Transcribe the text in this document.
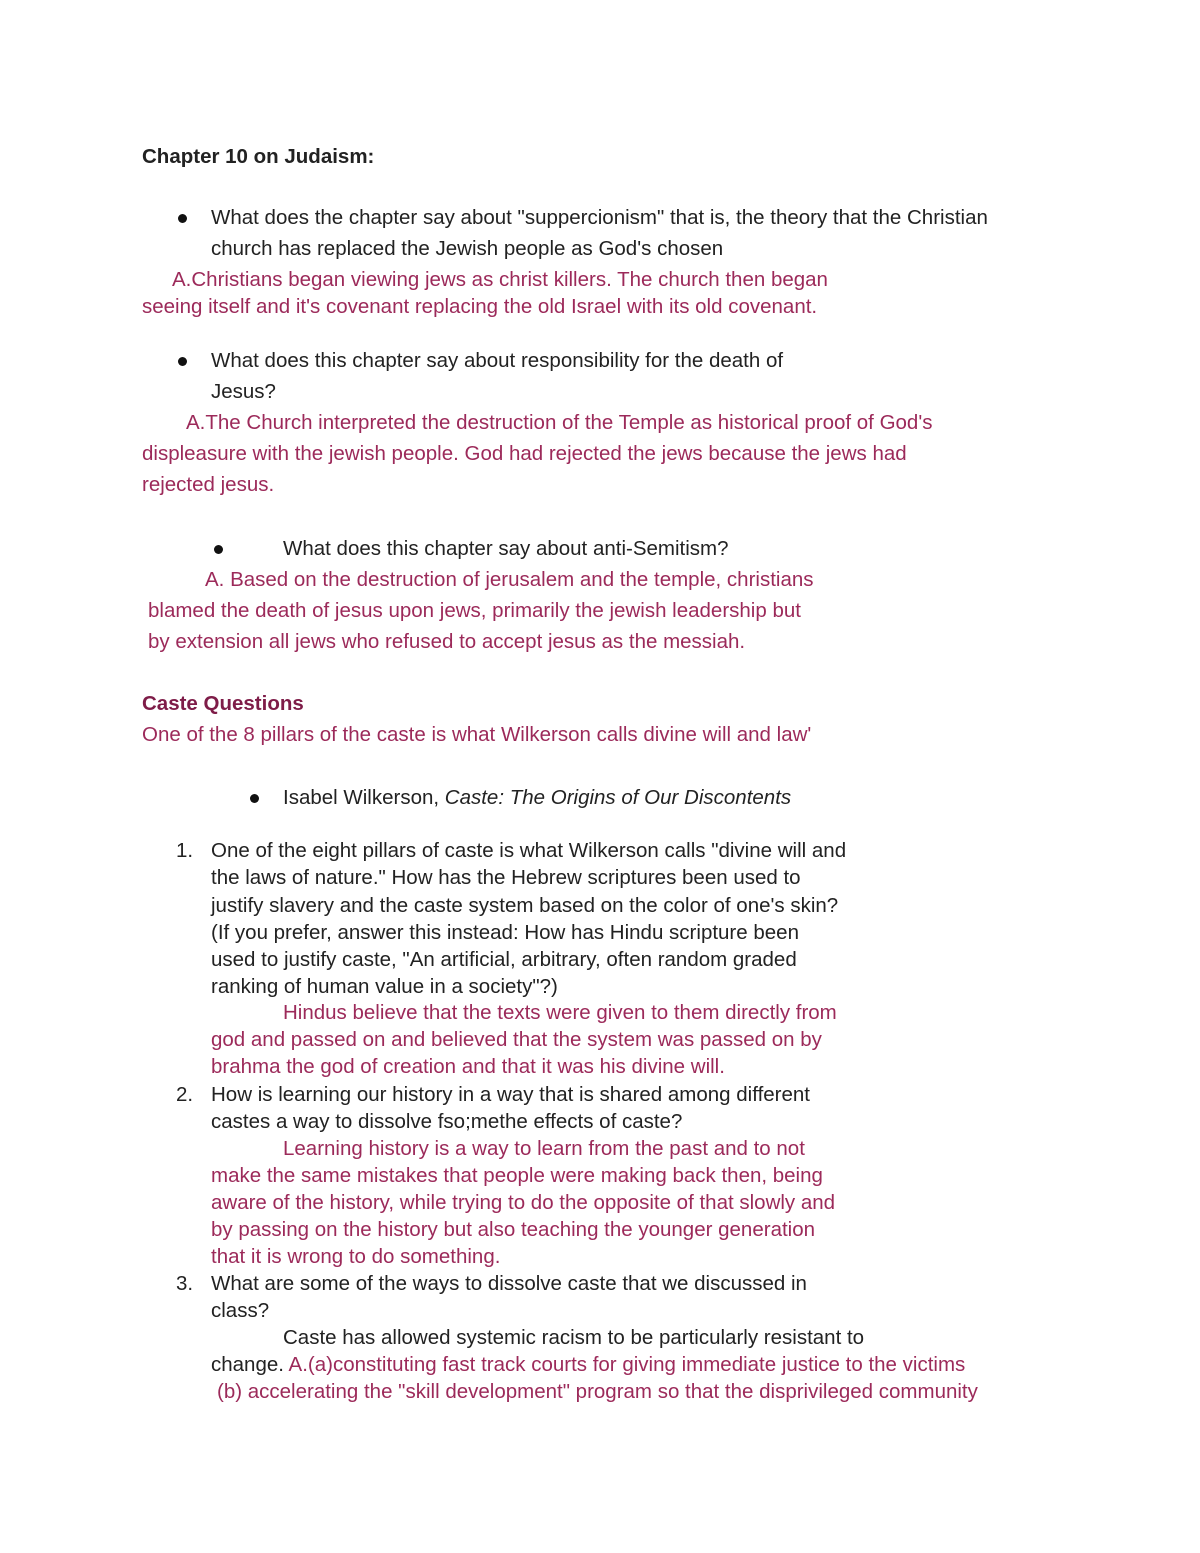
Chapter 10 on Judaism:
What does the chapter say about "suppercionism" that is, the theory that the Christian
church has replaced the Jewish people as God's chosen
A.Christians began viewing jews as christ killers. The church then began
seeing itself and it's covenant replacing the old Israel with its old covenant.
What does this chapter say about responsibility for the death of
Jesus?
A.The Church interpreted the destruction of the Temple as historical proof of God's
displeasure with the jewish people. God had rejected the jews because the jews had
rejected jesus.
What does this chapter say about anti-Semitism?
A. Based on the destruction of jerusalem and the temple, christians
blamed the death of jesus upon jews, primarily the jewish leadership but
by extension all jews who refused to accept jesus as the messiah.
Caste Questions
One of the 8 pillars of the caste is what Wilkerson calls divine will and law'
Isabel Wilkerson, Caste: The Origins of Our Discontents
1. One of the eight pillars of caste is what Wilkerson calls "divine will and
the laws of nature." How has the Hebrew scriptures been used to
justify slavery and the caste system based on the color of one's skin?
(If you prefer, answer this instead: How has Hindu scripture been
used to justify caste, "An artificial, arbitrary, often random graded
ranking of human value in a society"?)
Hindus believe that the texts were given to them directly from
god and passed on and believed that the system was passed on by
brahma the god of creation and that it was his divine will.
2. How is learning our history in a way that is shared among different
castes a way to dissolve fso;methe effects of caste?
Learning history is a way to learn from the past and to not
make the same mistakes that people were making back then, being
aware of the history, while trying to do the opposite of that slowly and
by passing on the history but also teaching the younger generation
that it is wrong to do something.
3. What are some of the ways to dissolve caste that we discussed in
class?
Caste has allowed systemic racism to be particularly resistant to
change. A.(a)constituting fast track courts for giving immediate justice to the victims
(b) accelerating the "skill development" program so that the disprivileged community
